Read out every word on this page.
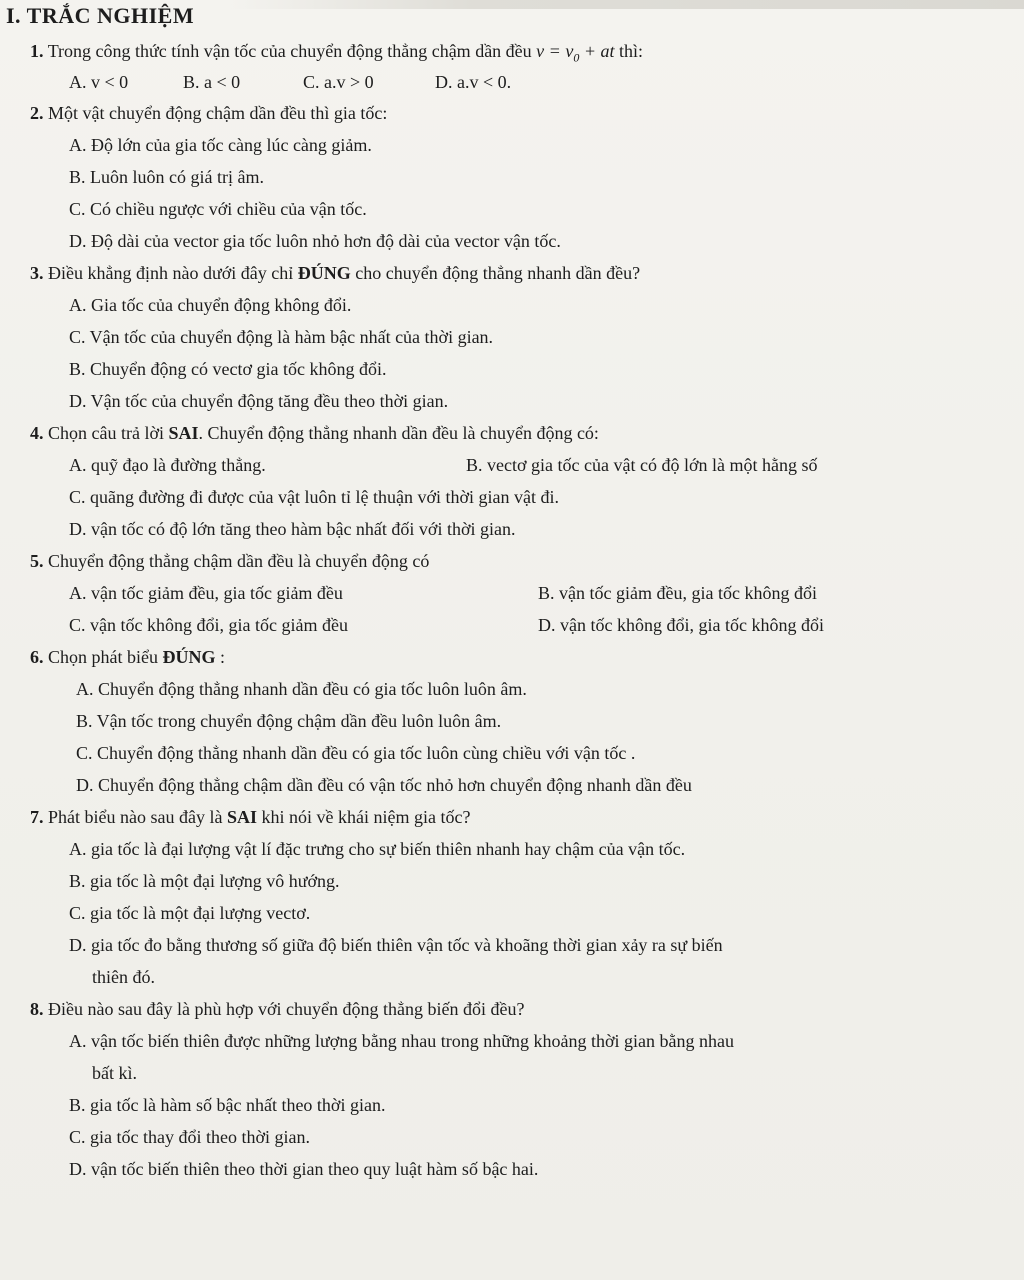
I. TRẮC NGHIỆM
1. Trong công thức tính vận tốc của chuyển động thẳng chậm dần đều $v = v_0$ + at thì:
A. v < 0	B. a < 0	C. a.v > 0	D. a.v < 0.
2. Một vật chuyển động chậm dần đều thì gia tốc:
A. Độ lớn của gia tốc càng lúc càng giảm.
B. Luôn luôn có giá trị âm.
C. Có chiều ngược với chiều của vận tốc.
D. Độ dài của vector gia tốc luôn nhỏ hơn độ dài của vector vận tốc.
3. Điều khẳng định nào dưới đây chỉ ĐÚNG cho chuyển động thẳng nhanh dần đều?
A. Gia tốc của chuyển động không đổi.
C. Vận tốc của chuyển động là hàm bậc nhất của thời gian.
B. Chuyển động có vectơ gia tốc không đổi.
D. Vận tốc của chuyển động tăng đều theo thời gian.
4. Chọn câu trả lời SAI. Chuyển động thẳng nhanh dần đều là chuyển động có:
A. quỹ đạo là đường thẳng.	B. vectơ gia tốc của vật có độ lớn là một hằng số
C. quãng đường đi được của vật luôn tỉ lệ thuận với thời gian vật đi.
D. vận tốc có độ lớn tăng theo hàm bậc nhất đối với thời gian.
5. Chuyển động thẳng chậm dần đều là chuyển động có
A. vận tốc giảm đều, gia tốc giảm đều	B. vận tốc giảm đều, gia tốc không đổi
C. vận tốc không đổi, gia tốc giảm đều	D. vận tốc không đổi, gia tốc không đổi
6. Chọn phát biểu ĐÚNG :
A. Chuyển động thẳng nhanh dần đều có gia tốc luôn luôn âm.
B. Vận tốc trong chuyển động chậm dần đều luôn luôn âm.
C. Chuyển động thẳng nhanh dần đều có gia tốc luôn cùng chiều với vận tốc .
D. Chuyển động thẳng chậm dần đều có vận tốc nhỏ hơn chuyển động nhanh dần đều
7. Phát biểu nào sau đây là SAI khi nói về khái niệm gia tốc?
A. gia tốc là đại lượng vật lí đặc trưng cho sự biến thiên nhanh hay chậm của vận tốc.
B. gia tốc là một đại lượng vô hướng.
C. gia tốc là một đại lượng vectơ.
D. gia tốc đo bằng thương số giữa độ biến thiên vận tốc và khoãng thời gian xảy ra sự biến
thiên đó.
8. Điều nào sau đây là phù hợp với chuyển động thẳng biến đổi đều?
A. vận tốc biến thiên được những lượng bằng nhau trong những khoảng thời gian bằng nhau
bất kì.
B. gia tốc là hàm số bậc nhất theo thời gian.
C. gia tốc thay đổi theo thời gian.
D. vận tốc biến thiên theo thời gian theo quy luật hàm số bậc hai.
